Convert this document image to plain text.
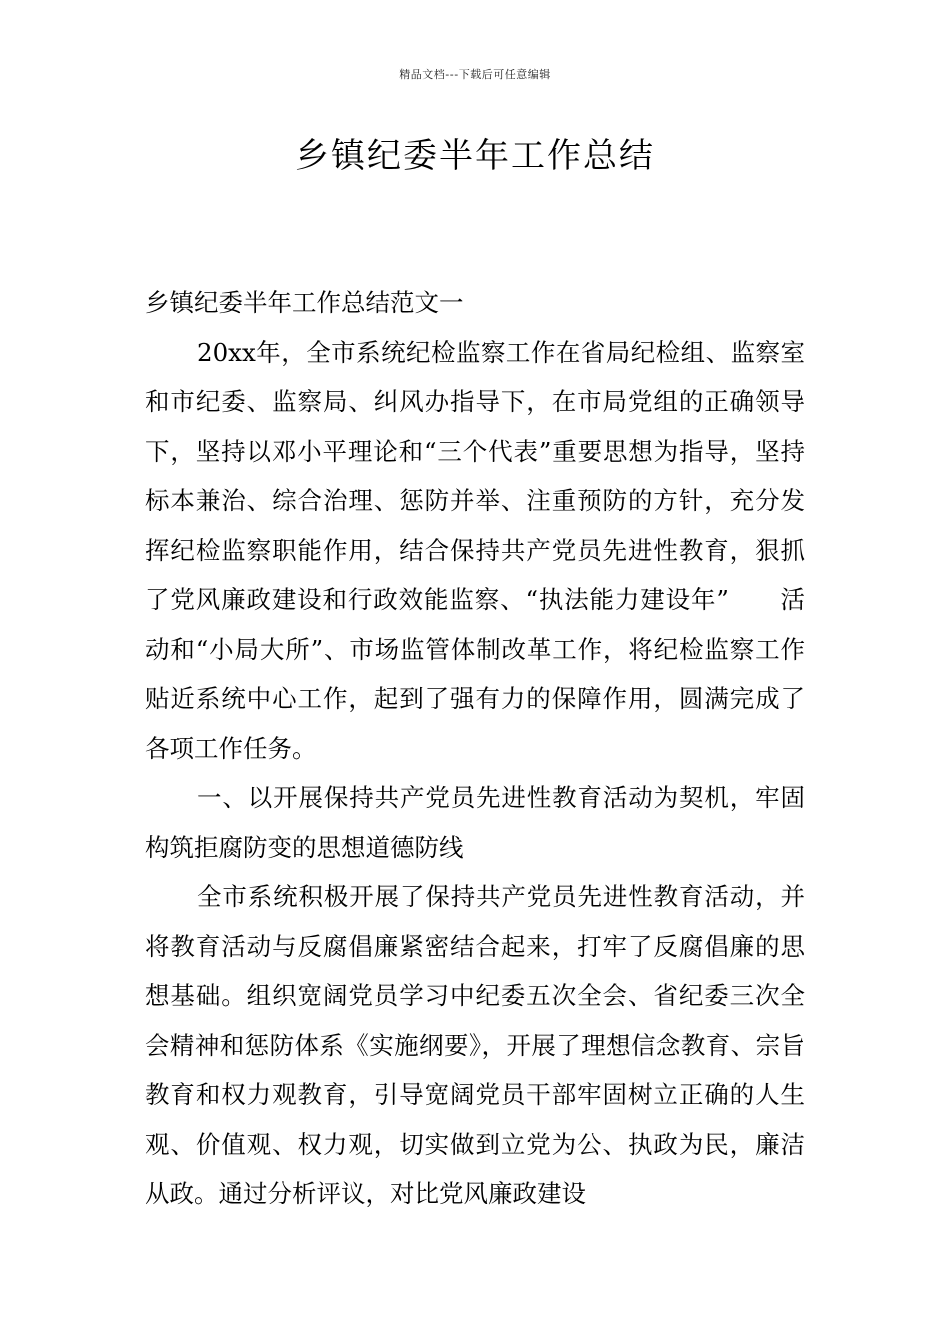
精品文档---下载后可任意编辑
乡镇纪委半年工作总结

乡镇纪委半年工作总结范文一

20xx年，全市系统纪检监察工作在省局纪检组、监察室和市纪委、监察局、纠风办指导下，在市局党组的正确领导下，坚持以邓小平理论和“三个代表”重要思想为指导，坚持标本兼治、综合治理、惩防并举、注重预防的方针，充分发挥纪检监察职能作用，结合保持共产党员先进性教育，狠抓了党风廉政建设和行政效能监察、“执法能力建设年”　　活动和“小局大所”、市场监管体制改革工作，将纪检监察工作贴近系统中心工作，起到了强有力的保障作用，圆满完成了各项工作任务。

一、以开展保持共产党员先进性教育活动为契机，牢固构筑拒腐防变的思想道德防线

全市系统积极开展了保持共产党员先进性教育活动，并将教育活动与反腐倡廉紧密结合起来，打牢了反腐倡廉的思想基础。组织宽阔党员学习中纪委五次全会、省纪委三次全会精神和惩防体系《实施纲要》，开展了理想信念教育、宗旨教育和权力观教育，引导宽阔党员干部牢固树立正确的人生观、价值观、权力观，切实做到立党为公、执政为民，廉洁从政。通过分析评议，对比党风廉政建设
